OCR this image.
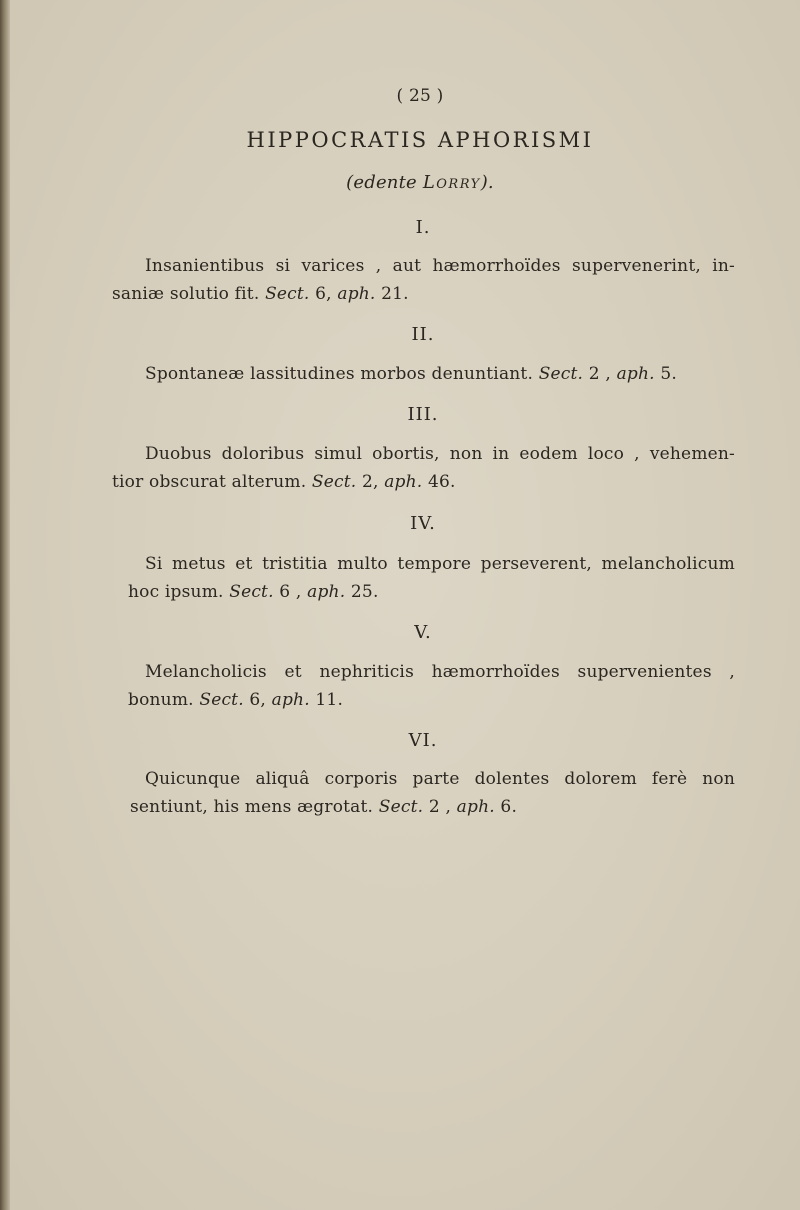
( 25 )
HIPPOCRATIS APHORISMI
(edente Lorry).
I.
Insanientibus si varices , aut hæmorrhoïdes supervenerint, in-
saniæ solutio fit. Sect. 6, aph. 21.
II.
Spontaneæ lassitudines morbos denuntiant. Sect. 2 , aph. 5.
III.
Duobus doloribus simul obortis, non in eodem loco , vehemen-
tior obscurat alterum. Sect. 2, aph. 46.
IV.
Si metus et tristitia multo tempore perseverent, melancholicum
hoc ipsum. Sect. 6 , aph. 25.
V.
Melancholicis et nephriticis hæmorrhoïdes supervenientes ,
bonum. Sect. 6, aph. 11.
VI.
Quicunque aliquâ corporis parte dolentes dolorem ferè non
sentiunt, his mens ægrotat. Sect. 2 , aph. 6.
